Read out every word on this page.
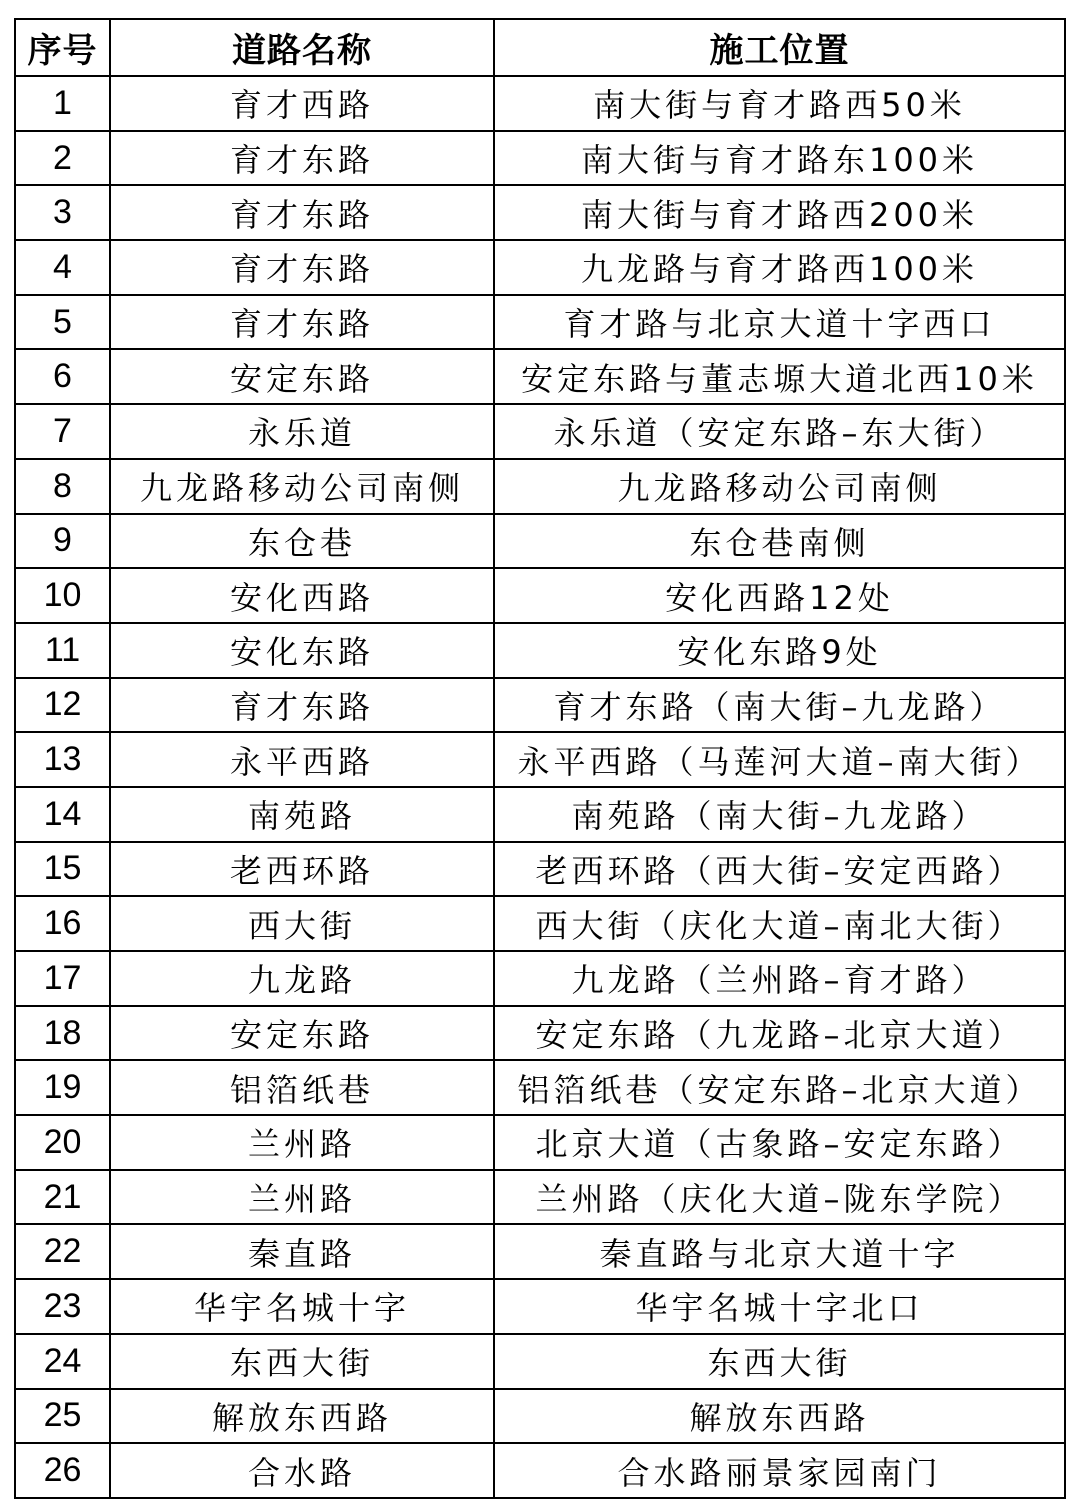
序号	道路名称	施工位置
1	育才西路	南大街与育才路西50米
2	育才东路	南大街与育才路东100米
3	育才东路	南大街与育才路西200米
4	育才东路	九龙路与育才路西100米
5	育才东路	育才路与北京大道十字西口
6	安定东路	安定东路与董志塬大道北西10米
7	永乐道	永乐道（安定东路–东大街）
8	九龙路移动公司南侧	九龙路移动公司南侧
9	东仓巷	东仓巷南侧
10	安化西路	安化西路12处
11	安化东路	安化东路9处
12	育才东路	育才东路（南大街–九龙路）
13	永平西路	永平西路（马莲河大道–南大街）
14	南苑路	南苑路（南大街–九龙路）
15	老西环路	老西环路（西大街–安定西路）
16	西大街	西大街（庆化大道–南北大街）
17	九龙路	九龙路（兰州路–育才路）
18	安定东路	安定东路（九龙路–北京大道）
19	铝箔纸巷	铝箔纸巷（安定东路–北京大道）
20	兰州路	北京大道（古象路–安定东路）
21	兰州路	兰州路（庆化大道–陇东学院）
22	秦直路	秦直路与北京大道十字
23	华宇名城十字	华宇名城十字北口
24	东西大街	东西大街
25	解放东西路	解放东西路
26	合水路	合水路丽景家园南门
